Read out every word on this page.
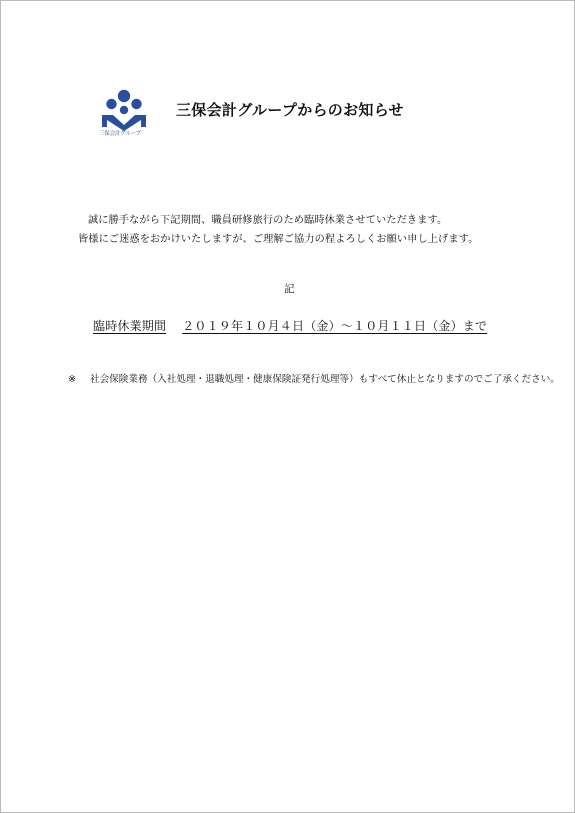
三保会計グループ
三保会計グループからのお知らせ
誠に勝手ながら下記期間、職員研修旅行のため臨時休業させていただきます。
皆様にご迷惑をおかけいたしますが、ご理解ご協力の程よろしくお願い申し上げます。
記
臨時休業期間 ２０１９年１０月４日（金）～１０月１１日（金）まで
※ 社会保険業務（入社処理・退職処理・健康保険証発行処理等）もすべて休止となりますのでご了承ください。
